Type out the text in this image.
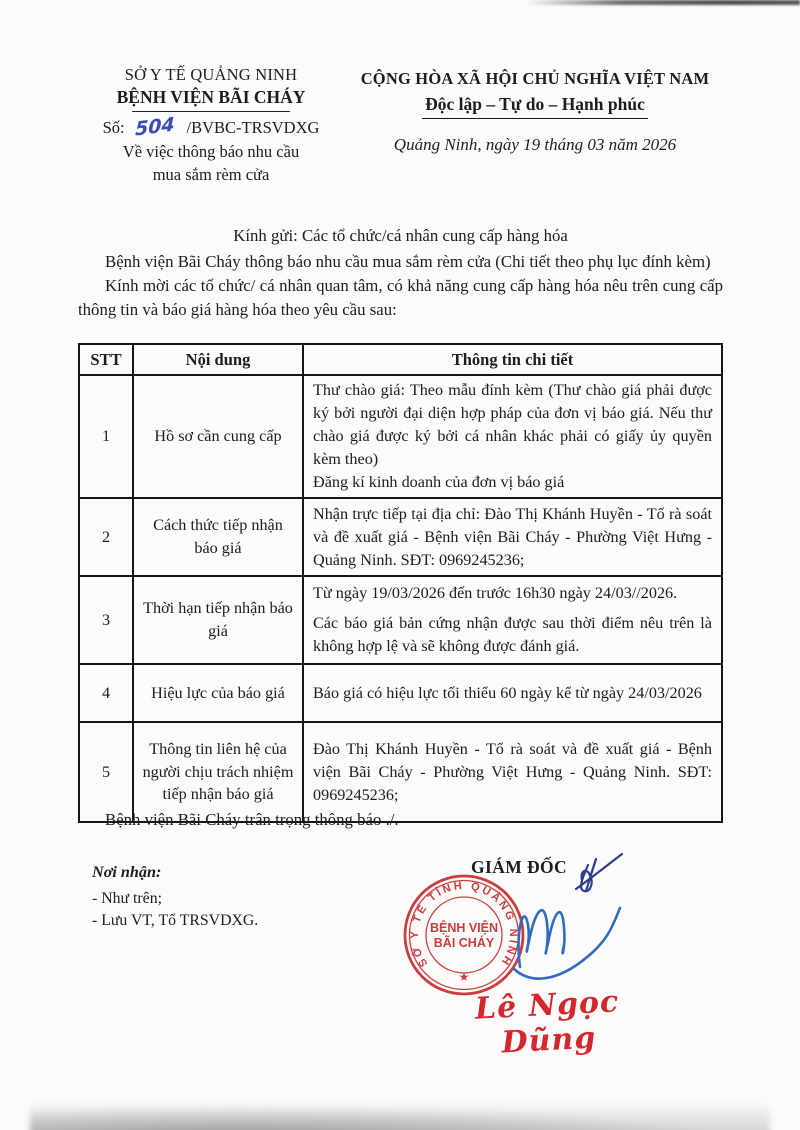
SỞ Y TẾ QUẢNG NINH
BỆNH VIỆN BÃI CHÁY
Số: 504 /BVBC-TRSVDXG
Về việc thông báo nhu cầu
mua sắm rèm cửa
CỘNG HÒA XÃ HỘI CHỦ NGHĨA VIỆT NAM
Độc lập – Tự do – Hạnh phúc
Quảng Ninh, ngày 19 tháng 03 năm 2026
Kính gửi: Các tổ chức/cá nhân cung cấp hàng hóa

Bệnh viện Bãi Cháy thông báo nhu cầu mua sắm rèm cửa (Chi tiết theo phụ lục đính kèm)

Kính mời các tổ chức/ cá nhân quan tâm, có khả năng cung cấp hàng hóa nêu trên cung cấp thông tin và báo giá hàng hóa theo yêu cầu sau:

STT	Nội dung	Thông tin chi tiết
1	Hồ sơ cần cung cấp	Thư chào giá: Theo mẫu đính kèm (Thư chào giá phải được ký bởi người đại diện hợp pháp của đơn vị báo giá. Nếu thư chào giá được ký bởi cá nhân khác phải có giấy ủy quyền kèm theo)

Đăng kí kinh doanh của đơn vị báo giá

2	Cách thức tiếp nhận báo giá	Nhận trực tiếp tại địa chỉ: Đào Thị Khánh Huyền - Tổ rà soát và đề xuất giá - Bệnh viện Bãi Cháy - Phường Việt Hưng - Quảng Ninh. SĐT: 0969245236;

3	Thời hạn tiếp nhận báo giá	Từ ngày 19/03/2026 đến trước 16h30 ngày 24/03//2026.

Các báo giá bản cứng nhận được sau thời điểm nêu trên là không hợp lệ và sẽ không được đánh giá.

4	Hiệu lực của báo giá	Báo giá có hiệu lực tối thiểu 60 ngày kể từ ngày 24/03/2026

5	Thông tin liên hệ của người chịu trách nhiệm tiếp nhận báo giá	Đào Thị Khánh Huyền - Tổ rà soát và đề xuất giá - Bệnh viện Bãi Cháy - Phường Việt Hưng - Quảng Ninh. SĐT: 0969245236;

Bệnh viện Bãi Cháy trân trọng thông báo ./.
Nơi nhận:
- Như trên;
- Lưu VT, Tổ TRSVDXG.
GIÁM ĐỐC
SỞ Y TẾ TỈNH QUẢNG NINH
★
BỆNH VIỆN
BÃI CHÁY
Lê Ngọc Dũng
